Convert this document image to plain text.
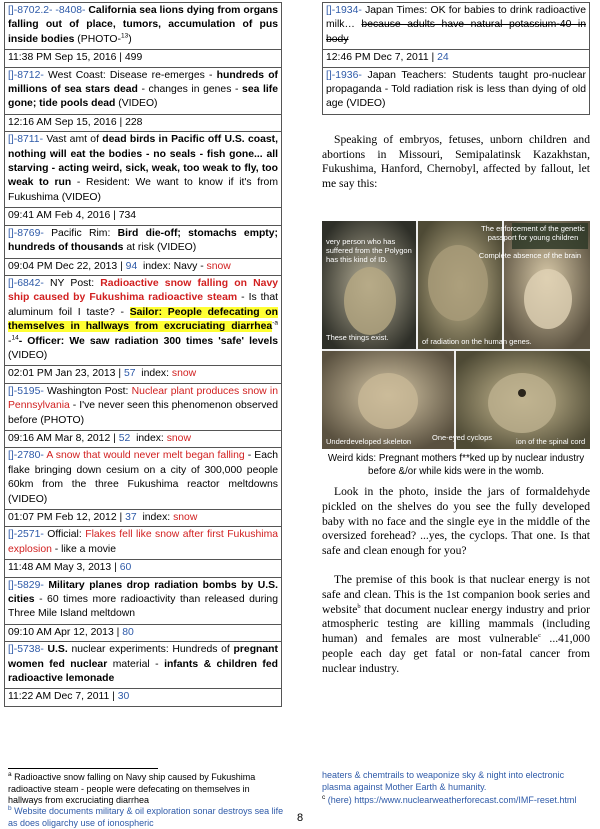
[]-8702.2- -8408- California sea lions dying from organs falling out of place, tumors, accumulation of pus inside bodies (PHOTO-$^{13}$)
11:38 PM Sep 15, 2016 | 499
[]-8712- West Coast: Disease re-emerges - hundreds of millions of sea stars dead - changes in genes - sea life gone; tide pools dead (VIDEO)
12:16 AM Sep 15, 2016 | 228
[]-8711- Vast amt of dead birds in Pacific off U.S. coast, nothing will eat the bodies - no seals - fish gone... all starving - acting weird, sick, weak, too weak to fly, too weak to run - Resident: We want to know if it's from Fukushima (VIDEO)
09:41 AM Feb 4, 2016 | 734
[]-8769- Pacific Rim: Bird die-off; stomachs empty; hundreds of thousands at risk (VIDEO)
09:04 PM Dec 22, 2013 | 94 index: Navy - snow
[]-6842- NY Post: Radioactive snow falling on Navy ship caused by Fukushima radioactive steam - Is that aluminum foil I taste? - Sailor: People defecating on themselves in hallways from excruciating diarrhea$^{-a}$ -$^{14}$- Officer: We saw radiation 300 times 'safe' levels (VIDEO)
02:01 PM Jan 23, 2013 | 57 index: snow
[]-5195- Washington Post: Nuclear plant produces snow in Pennsylvania - I've never seen this phenomenon observed before (PHOTO)
09:16 AM Mar 8, 2012 | 52 index: snow
[]-2780- A snow that would never melt began falling - Each flake bringing down cesium on a city of 300,000 people 60km from the three Fukushima reactor meltdowns (VIDEO)
01:07 PM Feb 12, 2012 | 37 index: snow
[]-2571- Official: Flakes fell like snow after first Fukushima explosion - like a movie
11:48 AM May 3, 2013 | 60
[]-5829- Military planes drop radiation bombs by U.S. cities - 60 times more radioactivity than released during Three Mile Island meltdown
09:10 AM Apr 12, 2013 | 80
[]-5738- U.S. nuclear experiments: Hundreds of pregnant women fed nuclear material - infants & children fed radioactive lemonade
11:22 AM Dec 7, 2011 | 30
[]-1934- Japan Times: OK for babies to drink radioactive milk… because adults have natural potassium-40 in body
12:46 PM Dec 7, 2011 | 24
[]-1936- Japan Teachers: Students taught pro-nuclear propaganda - Told radiation risk is less than dying of old age (VIDEO)

Speaking of embryos, fetuses, unborn children and abortions in Missouri, Semipalatinsk Kazakhstan, Fukushima, Hanford, Chernobyl, affected by fallout, let me say this:

The enforcement of the genetic passport for young children
very person who has suffered from the Polygon has this kind of ID.	Complete absence of the brain
These things exist.	of radiation on the human genes.
Underdeveloped skeleton	One-eyed cyclops	ion of the spinal cord
Weird kids: Pregnant mothers f**ked up by nuclear industry before &/or while kids were in the womb.

Look in the photo, inside the jars of formaldehyde pickled on the shelves do you see the fully developed baby with no face and the single eye in the middle of the oversized forehead? ...yes, the cyclops. That one. Is that safe and clean enough for you?

The premise of this book is that nuclear energy is not safe and clean. This is the 1st companion book series and website$^b$ that document nuclear energy industry and prior atmospheric testing are killing mammals (including human) and females are most vulnerable$^c$ ...41,000 people each day get fatal or non-fatal cancer from nuclear industry.

$^a$ Radioactive snow falling on Navy ship caused by Fukushima radioactive steam - people were defecating on themselves in hallways from excruciating diarrhea
$^b$ Website documents military & oil exploration sonar destroys sea life as does oligarchy use of ionospheric
heaters & chemtrails to weaponize sky & night into electronic plasma against Mother Earth & humanity.
$^c$ (here) https://www.nuclearweatherforecast.com/IMF-reset.html
8
